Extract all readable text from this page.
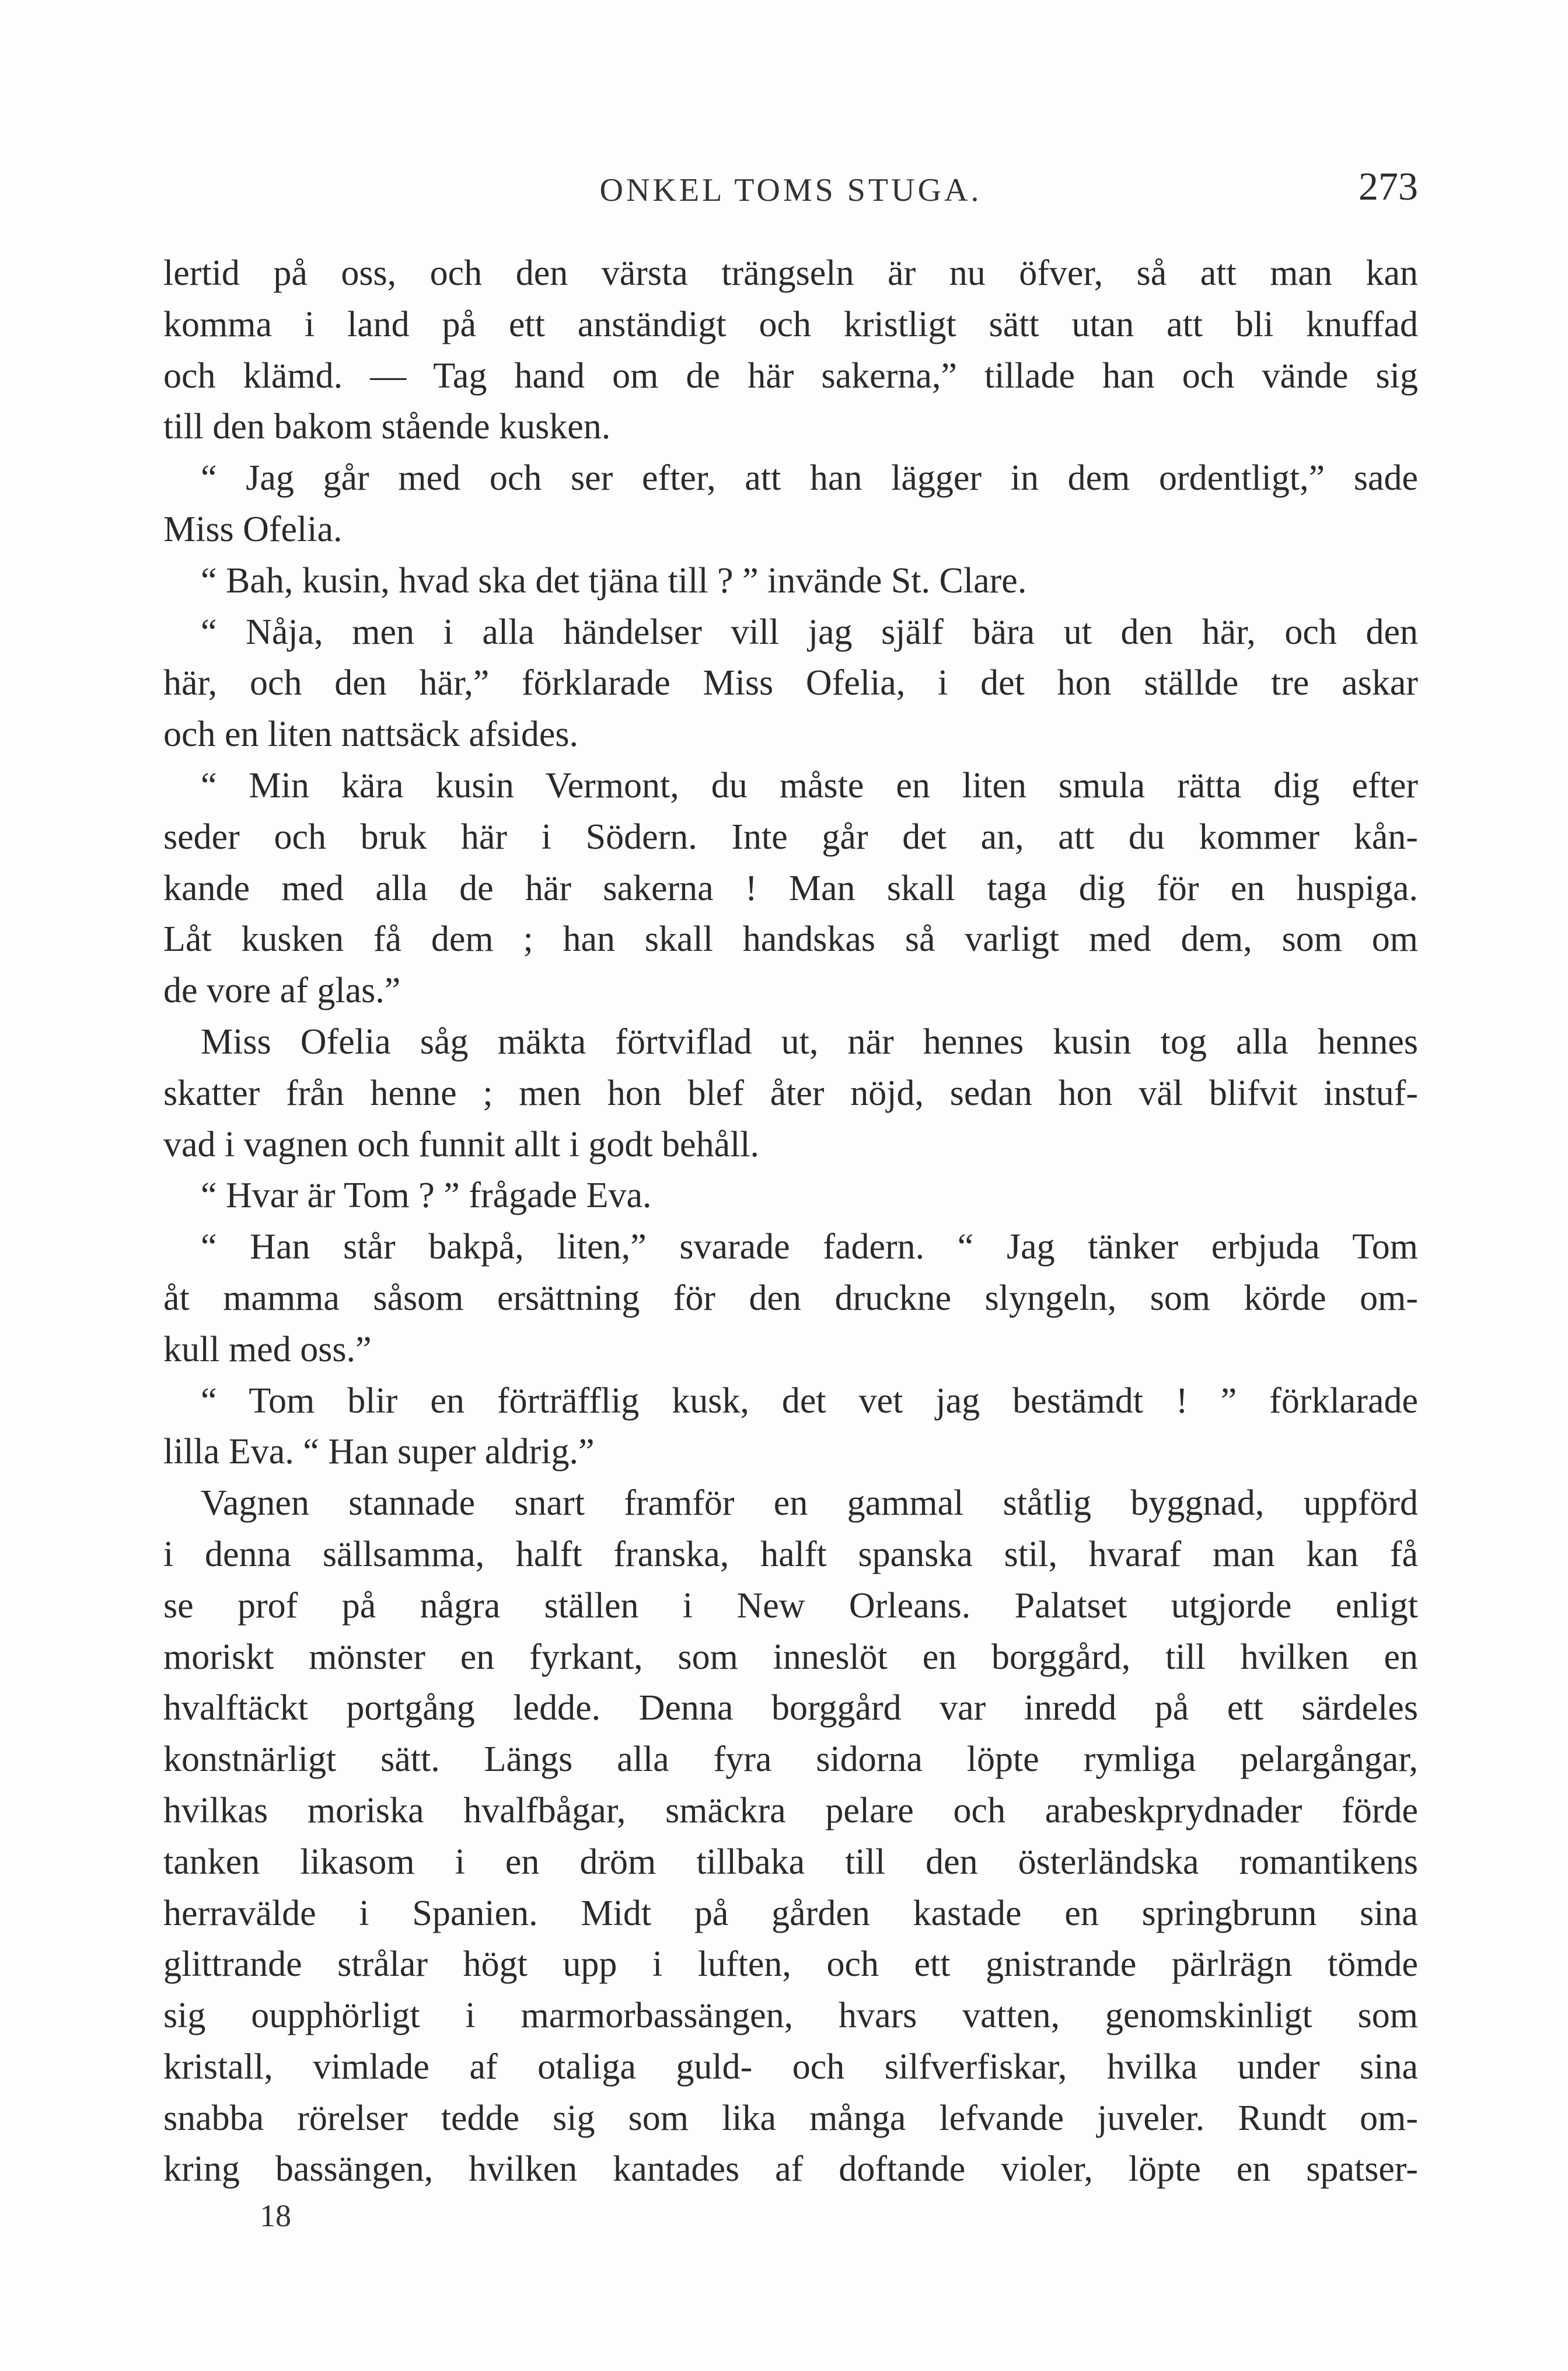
ONKEL TOMS STUGA.	273
lertid på oss, och den värsta trängseln är nu öfver, så att man kan
komma i land på ett anständigt och kristligt sätt utan att bli knuffad
och klämd. — Tag hand om de här sakerna,” tillade han och vände sig
till den bakom stående kusken.
“ Jag går med och ser efter, att han lägger in dem ordentligt,” sade
Miss Ofelia.
“ Bah, kusin, hvad ska det tjäna till ? ” invände St. Clare.
“ Nåja, men i alla händelser vill jag själf bära ut den här, och den
här, och den här,” förklarade Miss Ofelia, i det hon ställde tre askar
och en liten nattsäck afsides.
“ Min kära kusin Vermont, du måste en liten smula rätta dig efter
seder och bruk här i Södern. Inte går det an, att du kommer kån-
kande med alla de här sakerna ! Man skall taga dig för en huspiga.
Låt kusken få dem ; han skall handskas så varligt med dem, som om
de vore af glas.”
Miss Ofelia såg mäkta förtviflad ut, när hennes kusin tog alla hennes
skatter från henne ; men hon blef åter nöjd, sedan hon väl blifvit instuf-
vad i vagnen och funnit allt i godt behåll.
“ Hvar är Tom ? ” frågade Eva.
“ Han står bakpå, liten,” svarade fadern. “ Jag tänker erbjuda Tom
åt mamma såsom ersättning för den druckne slyngeln, som körde om-
kull med oss.”
“ Tom blir en förträfflig kusk, det vet jag bestämdt ! ” förklarade
lilla Eva. “ Han super aldrig.”
Vagnen stannade snart framför en gammal ståtlig byggnad, uppförd
i denna sällsamma, halft franska, halft spanska stil, hvaraf man kan få
se prof på några ställen i New Orleans. Palatset utgjorde enligt
moriskt mönster en fyrkant, som inneslöt en borggård, till hvilken en
hvalftäckt portgång ledde. Denna borggård var inredd på ett särdeles
konstnärligt sätt. Längs alla fyra sidorna löpte rymliga pelargångar,
hvilkas moriska hvalfbågar, smäckra pelare och arabeskprydnader förde
tanken likasom i en dröm tillbaka till den österländska romantikens
herravälde i Spanien. Midt på gården kastade en springbrunn sina
glittrande strålar högt upp i luften, och ett gnistrande pärlrägn tömde
sig oupphörligt i marmorbassängen, hvars vatten, genomskinligt som
kristall, vimlade af otaliga guld- och silfverfiskar, hvilka under sina
snabba rörelser tedde sig som lika många lefvande juveler. Rundt om-
kring bassängen, hvilken kantades af doftande violer, löpte en spatser-
18
